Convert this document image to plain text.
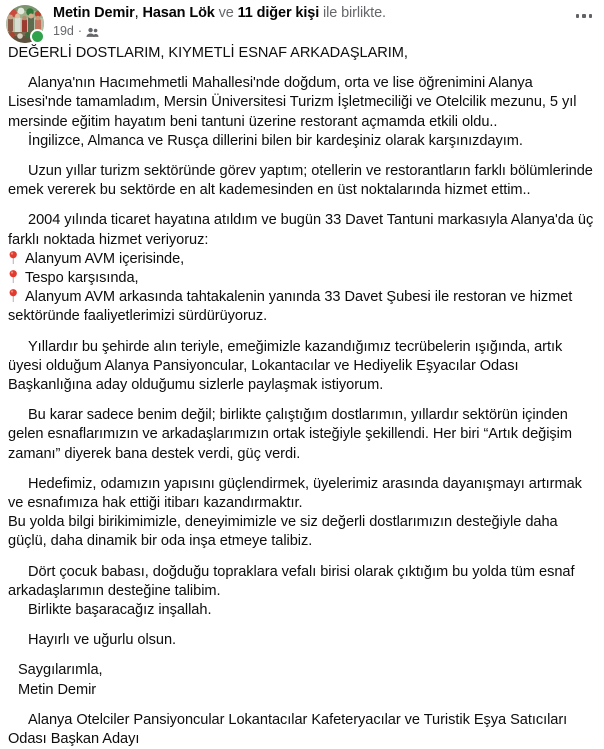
Metin Demir, Hasan Lök ve 11 diğer kişi ile birlikte.
19d ·

DEĞERLİ DOSTLARIM, KIYMETLİ ESNAF ARKADAŞLARIM,

Alanya'nın Hacımehmetli Mahallesi'nde doğdum, orta ve lise öğrenimini Alanya Lisesi'nde tamamladım, Mersin Üniversitesi Turizm İşletmeciliği ve Otelcilik mezunu, 5 yıl mersinde eğitim hayatım beni tantuni üzerine restorant açmamda etkili oldu..

İngilizce, Almanca ve Rusça dillerini bilen bir kardeşiniz olarak karşınızdayım.

Uzun yıllar turizm sektöründe görev yaptım; otellerin ve restorantların farklı bölümlerinde emek vererek bu sektörde en alt kademesinden en üst noktalarında hizmet ettim..

2004 yılında ticaret hayatına atıldım ve bugün 33 Davet Tantuni markasıyla Alanya'da üç farklı noktada hizmet veriyoruz:

Alanyum AVM içerisinde,

Tespo karşısında,

Alanyum AVM arkasında tahtakalenin yanında 33 Davet Şubesi ile restoran ve hizmet sektöründe faaliyetlerimizi sürdürüyoruz.

Yıllardır bu şehirde alın teriyle, emeğimizle kazandığımız tecrübelerin ışığında, artık üyesi olduğum Alanya Pansiyoncular, Lokantacılar ve Hediyelik Eşyacılar Odası Başkanlığına aday olduğumu sizlerle paylaşmak istiyorum.

Bu karar sadece benim değil; birlikte çalıştığım dostlarımın, yıllardır sektörün içinden gelen esnaflarımızın ve arkadaşlarımızın ortak isteğiyle şekillendi. Her biri “Artık değişim zamanı” diyerek bana destek verdi, güç verdi.

Hedefimiz, odamızın yapısını güçlendirmek, üyelerimiz arasında dayanışmayı artırmak ve esnafımıza hak ettiği itibarı kazandırmaktır.

Bu yolda bilgi birikimimizle, deneyimimizle ve siz değerli dostlarımızın desteğiyle daha güçlü, daha dinamik bir oda inşa etmeye talibiz.

Dört çocuk babası, doğduğu topraklara vefalı birisi olarak çıktığım bu yolda tüm esnaf arkadaşlarımın desteğine talibim.

Birlikte başaracağız inşallah.

Hayırlı ve uğurlu olsun.

Saygılarımla,

Metin Demir

Alanya Otelciler Pansiyoncular Lokantacılar Kafeteryacılar ve Turistik Eşya Satıcıları Odası Başkan Adayı
